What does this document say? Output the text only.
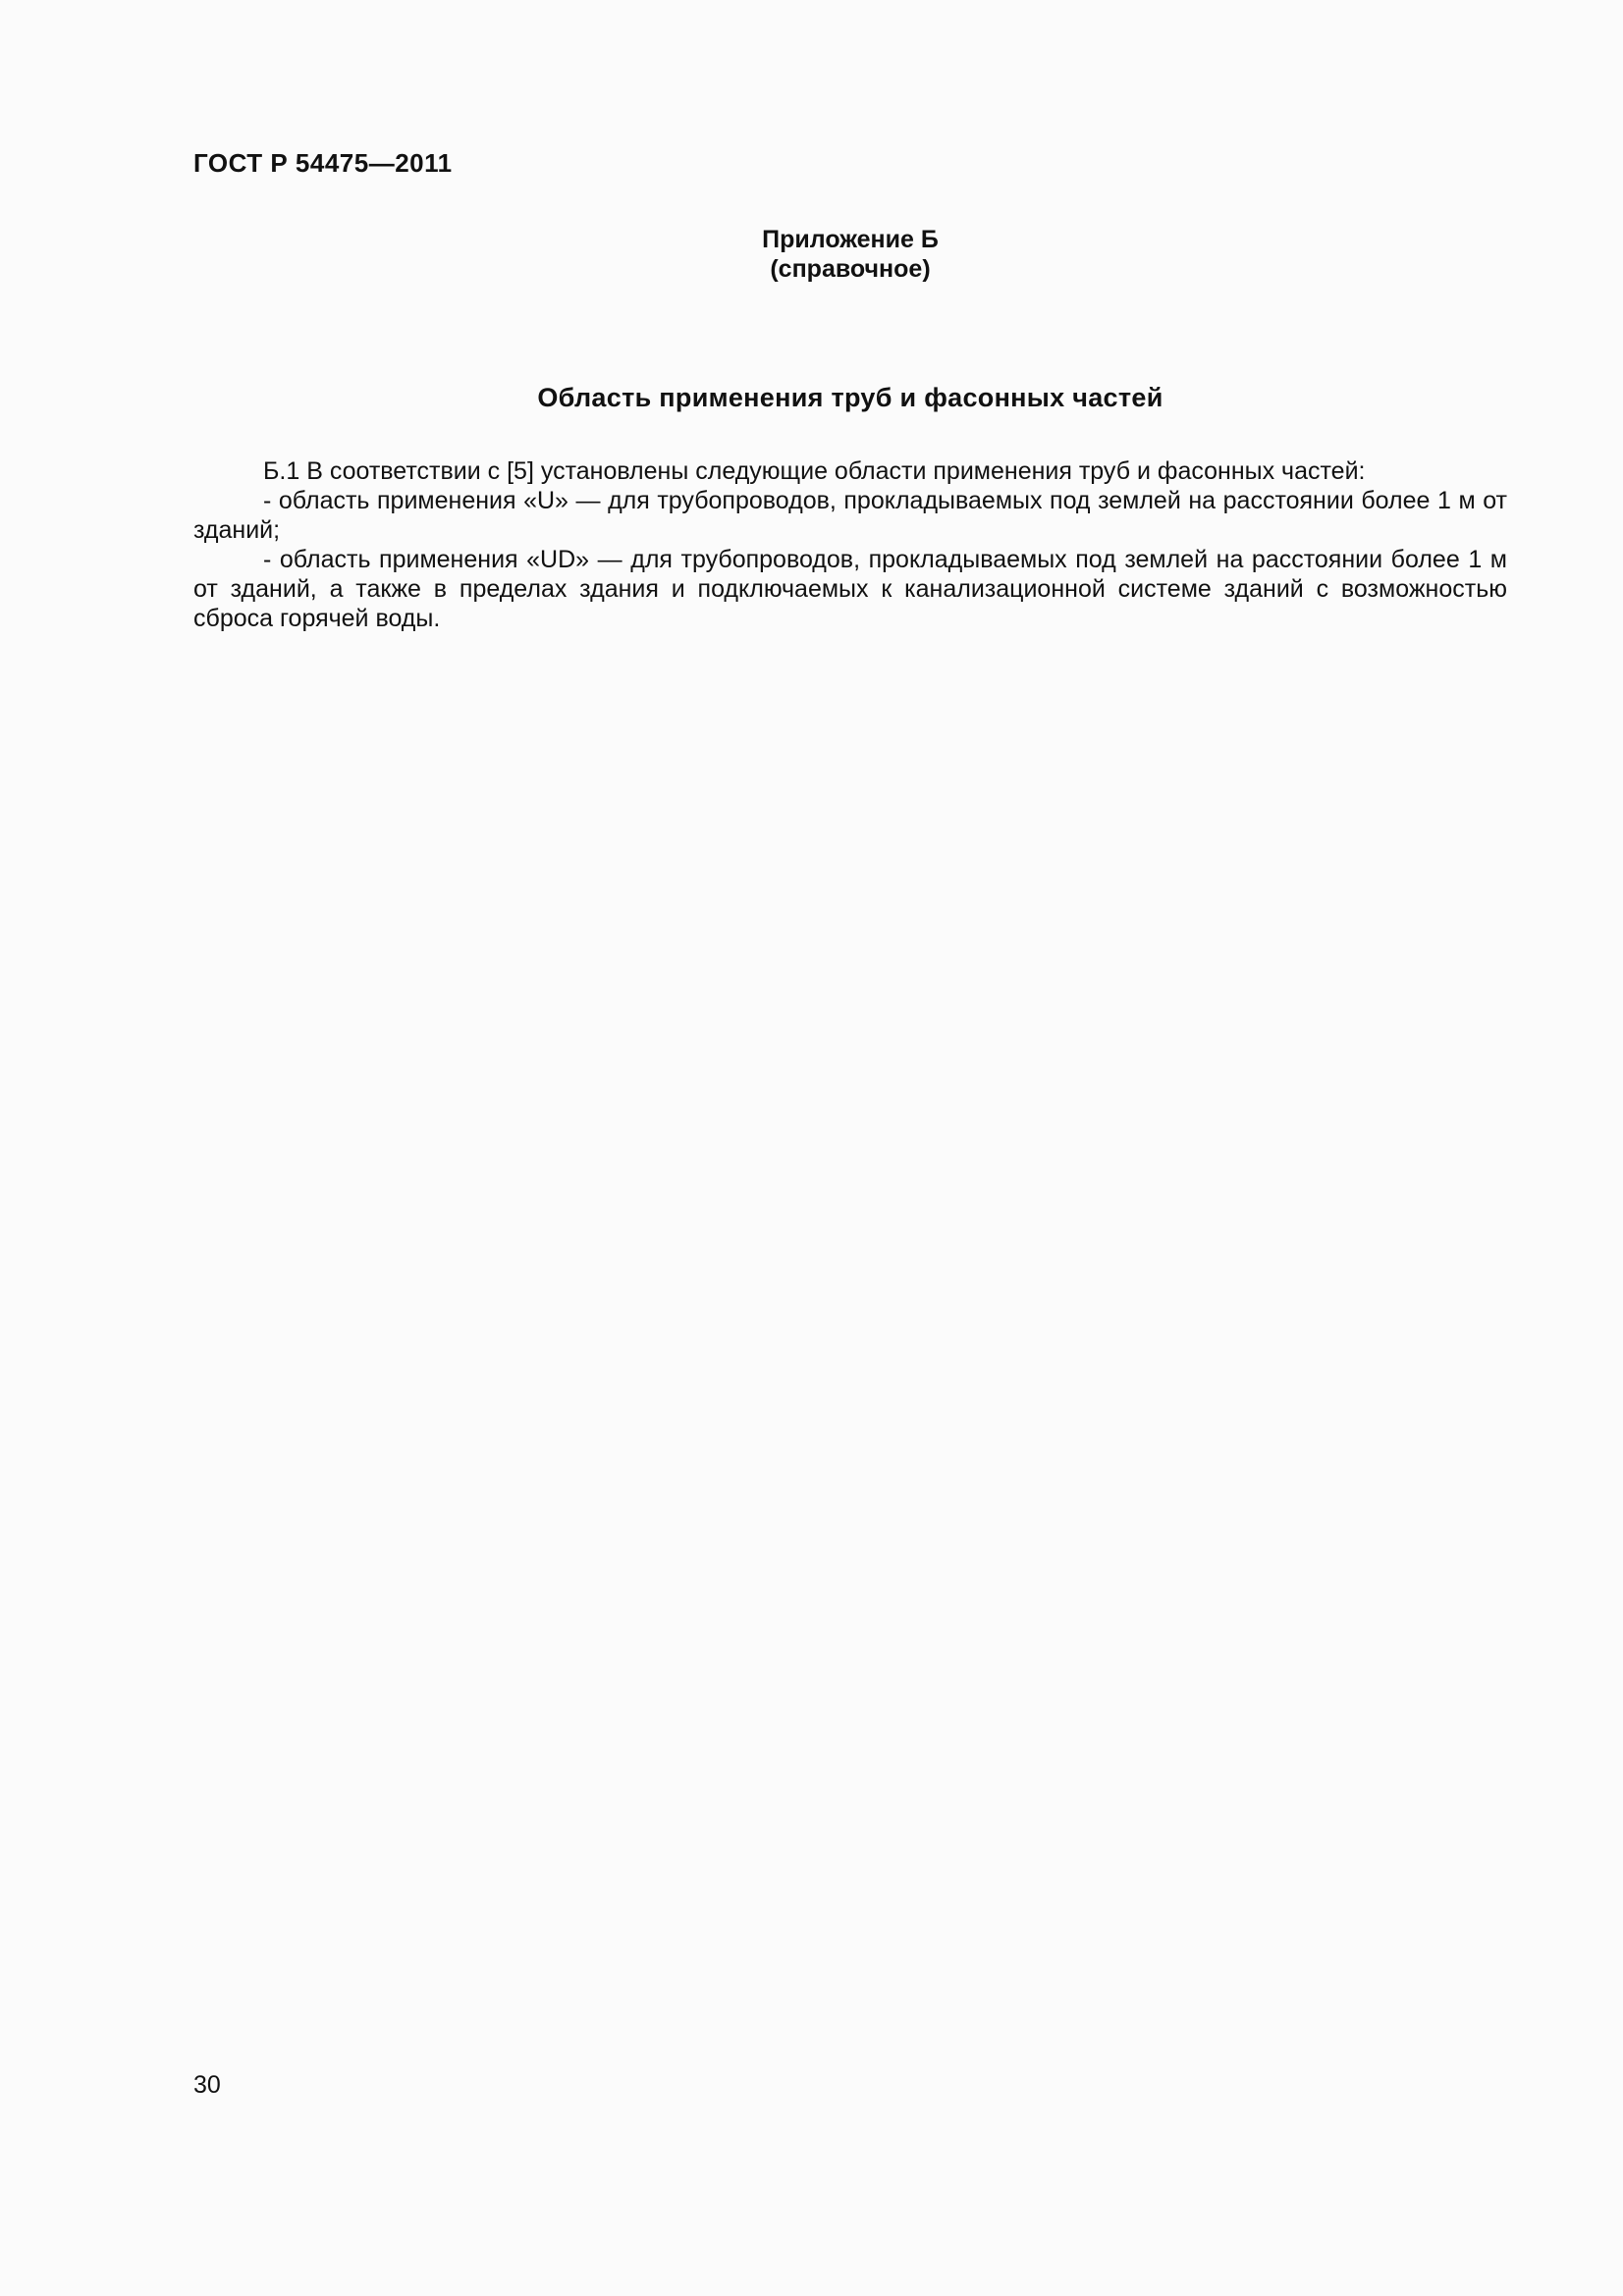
ГОСТ Р 54475—2011
Приложение Б
(справочное)
Область применения труб и фасонных частей

Б.1 В соответствии с [5] установлены следующие области применения труб и фасонных частей:

- область применения «U» — для трубопроводов, прокладываемых под землей на расстоянии более 1 м от зданий;

- область применения «UD» — для трубопроводов, прокладываемых под землей на расстоянии более 1 м от зданий, а также в пределах здания и подключаемых к канализационной системе зданий с возможностью сброса горячей воды.

30
